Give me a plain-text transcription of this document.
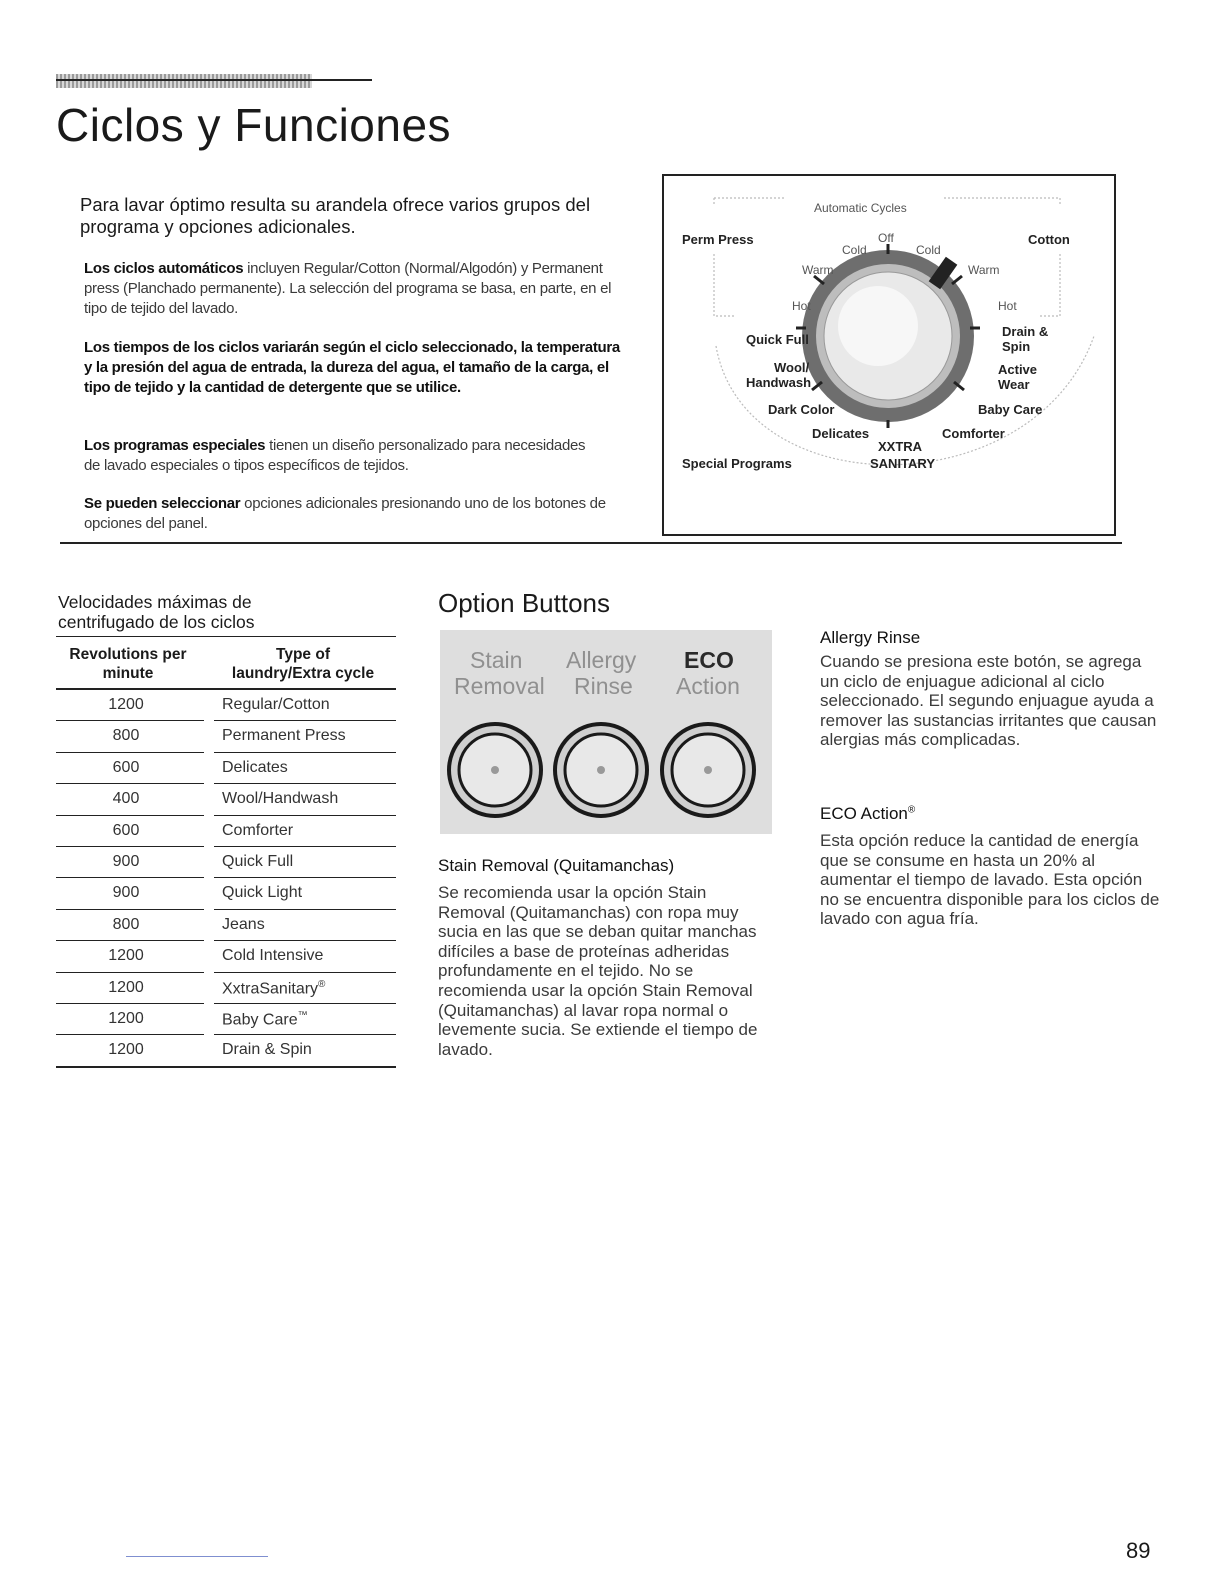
Ciclos y Funciones
Para lavar óptimo resulta su arandela ofrece varios grupos del programa y opciones adicionales.
Los ciclos automáticos incluyen Regular/Cotton (Normal/Algodón) y Permanent press (Planchado permanente). La selección del programa se basa, en parte, en el tipo de tejido del lavado.
Los tiempos de los ciclos variarán según el ciclo seleccionado, la temperatura y la presión del agua de entrada, la dureza del agua, el tamaño de la carga, el tipo de tejido y la cantidad de detergente que se utilice.
Los programas especiales tienen un diseño personalizado para necesidades de lavado especiales o tipos específicos de tejidos.
Se pueden seleccionar opciones adicionales presionando uno de los botones de opciones del panel.
Automatic Cycles
Perm Press	Cotton
Cold
Off
Cold
Warm	Warm
Hot	Hot
Quick Full
Drain &
Spin
Wool/
Handwash
Active
Wear
Dark Color	Baby Care
Delicates	Comforter
XXTRA
Special Programs	SANITARY
Velocidades máximas de
centrifugado de los ciclos
Revolutions per
minute
Type of
laundry/Extra cycle
1200	Regular/Cotton
800	Permanent Press
600	Delicates
400	Wool/Handwash
600	Comforter
900	Quick Full
900	Quick Light
800	Jeans
1200	Cold Intensive
1200	XxtraSanitary®
1200	Baby Care™
1200	Drain & Spin
Option Buttons
Stain
Removal
Allergy
Rinse
ECO
Action
Stain Removal (Quitamanchas)
Se recomienda usar la opción Stain Removal (Quitamanchas) con ropa muy sucia en las que se deban quitar manchas difíciles a base de proteínas adheridas profundamente en el tejido. No se recomienda usar la opción Stain Removal (Quitamanchas) al lavar ropa normal o levemente sucia. Se extiende el tiempo de lavado.
Allergy Rinse
Cuando se presiona este botón, se agrega un ciclo de enjuague adicional al ciclo seleccionado. El segundo enjuague ayuda a remover las sustancias irritantes que causan alergias más complicadas.
ECO Action®
Esta opción reduce la cantidad de energía que se consume en hasta un 20% al aumentar el tiempo de lavado. Esta opción no se encuentra disponible para los ciclos de lavado con agua fría.
89
